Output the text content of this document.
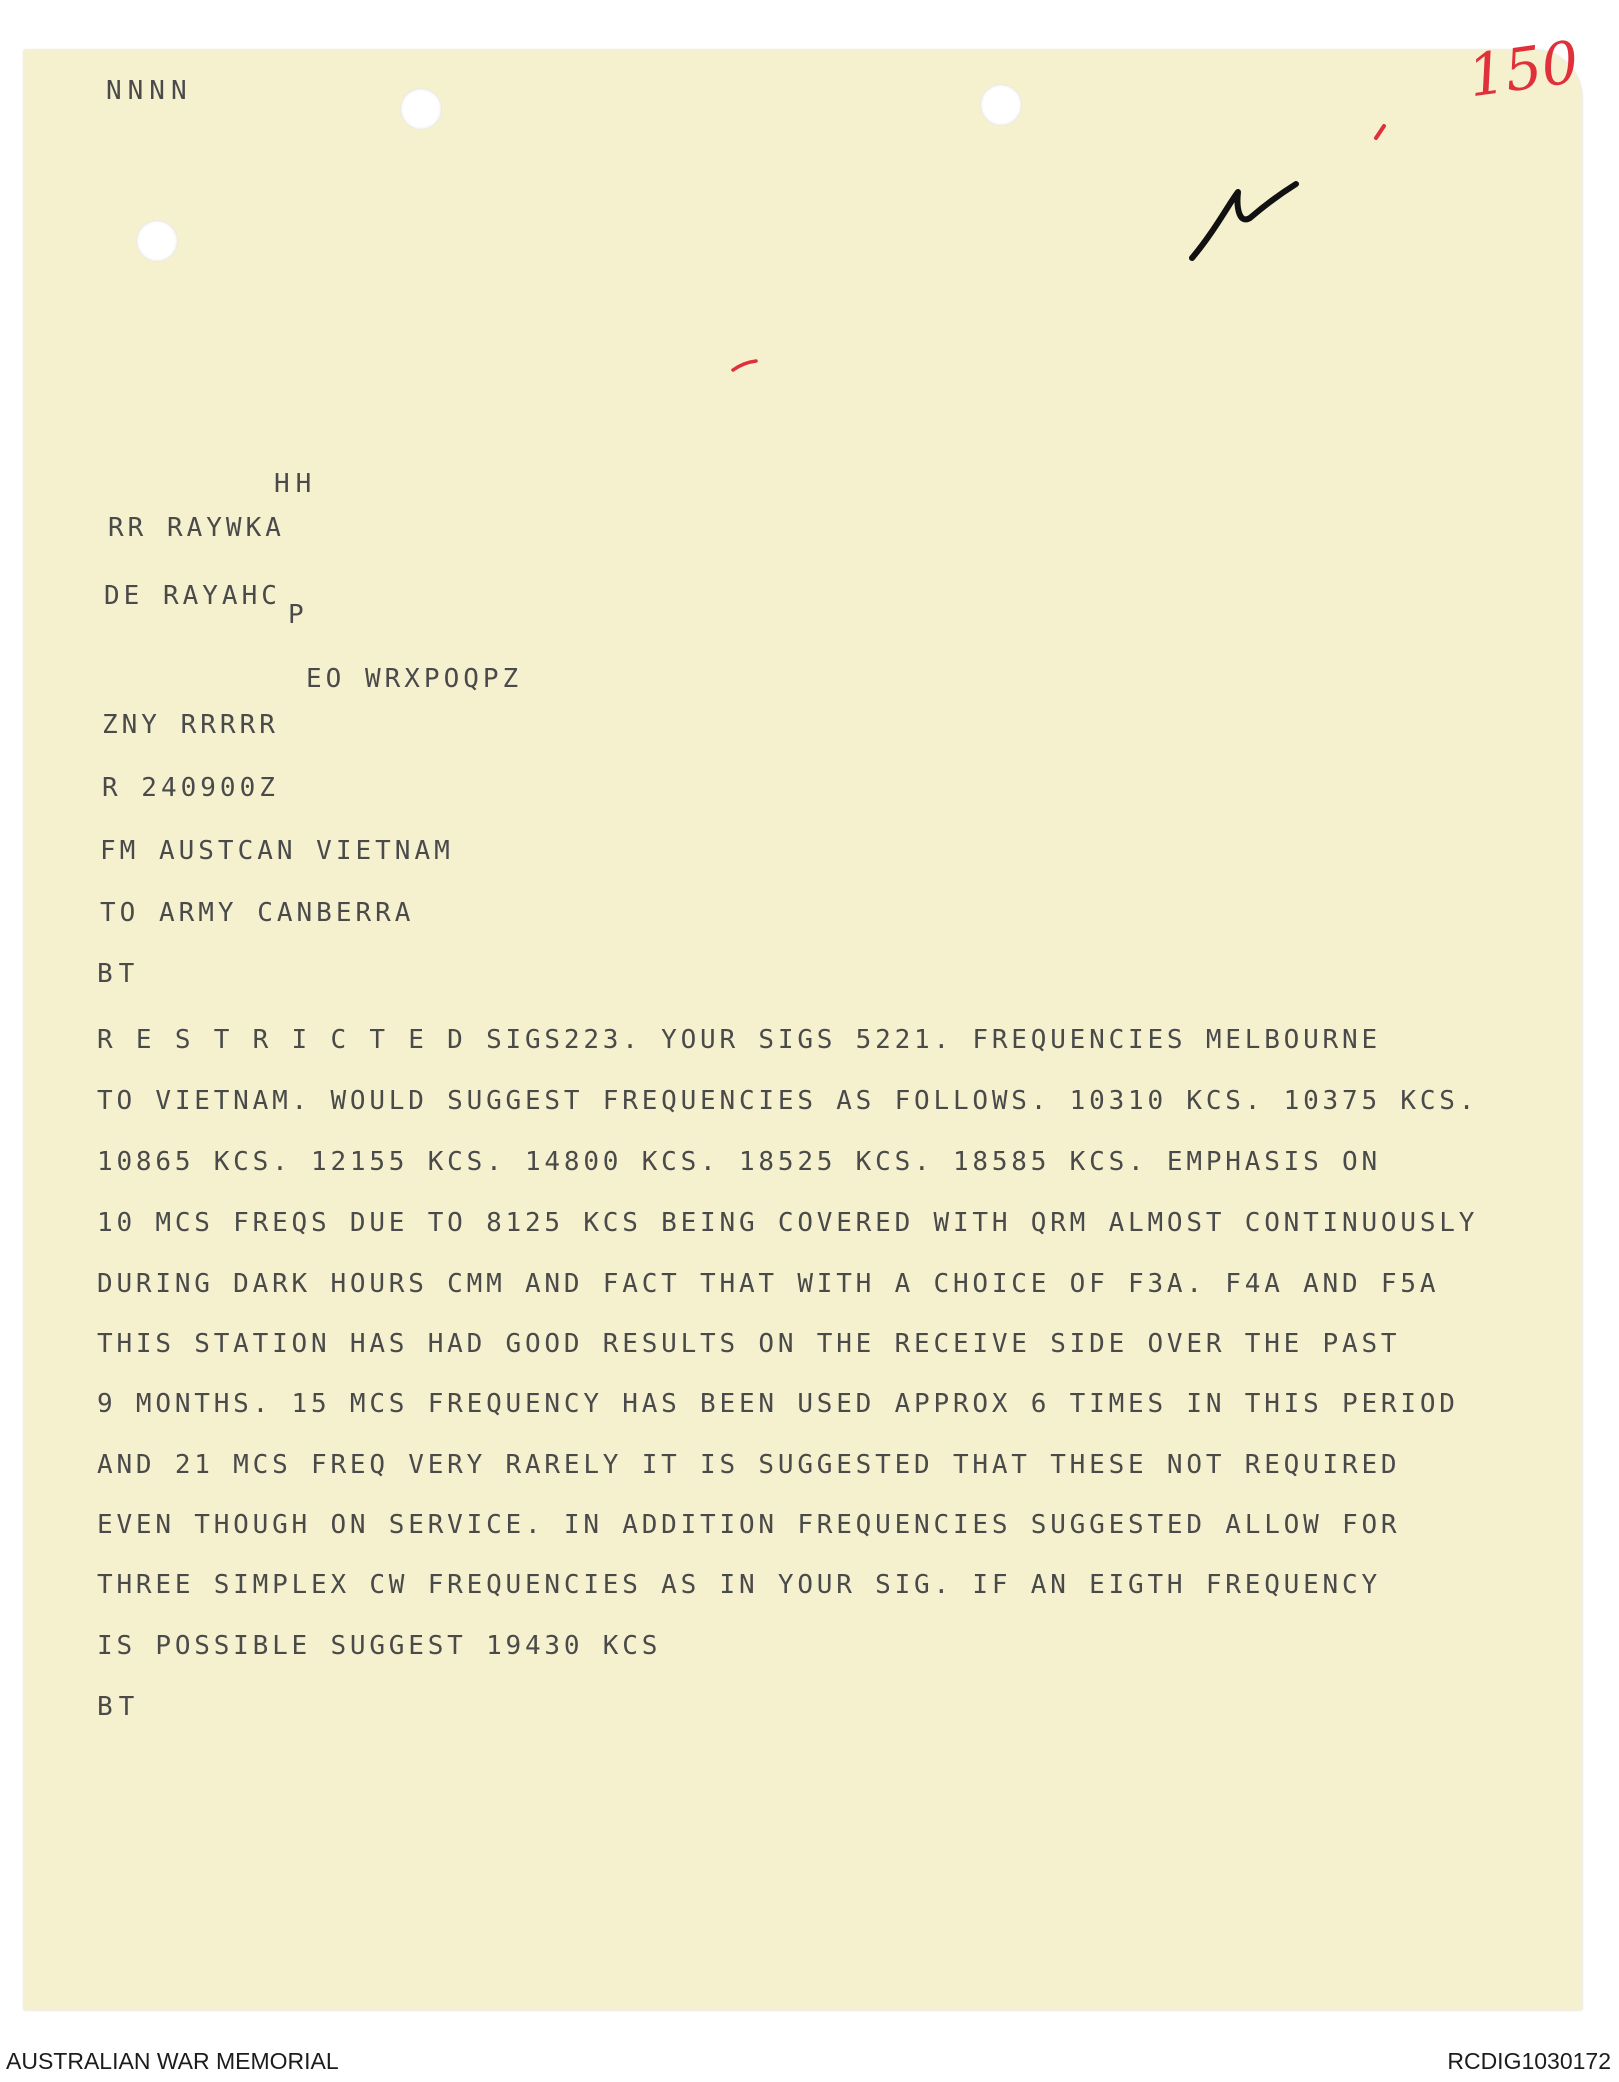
150
NNNN
HH
RR RAYWKA
DE RAYAHC
P
EO WRXPOQPZ
ZNY RRRRR
R 240900Z
FM AUSTCAN VIETNAM
TO ARMY CANBERRA
BT
R E S T R I C T E D SIGS223. YOUR SIGS 5221. FREQUENCIES MELBOURNE
TO VIETNAM. WOULD SUGGEST FREQUENCIES AS FOLLOWS. 10310 KCS. 10375 KCS.
10865 KCS. 12155 KCS. 14800 KCS. 18525 KCS. 18585 KCS. EMPHASIS ON
10 MCS FREQS DUE TO 8125 KCS BEING COVERED WITH QRM ALMOST CONTINUOUSLY
DURING DARK HOURS CMM AND FACT THAT WITH A CHOICE OF F3A. F4A AND F5A
THIS STATION HAS HAD GOOD RESULTS ON THE RECEIVE SIDE OVER THE PAST
9 MONTHS. 15 MCS FREQUENCY HAS BEEN USED APPROX 6 TIMES IN THIS PERIOD
AND 21 MCS FREQ VERY RARELY IT IS SUGGESTED THAT THESE NOT REQUIRED
EVEN THOUGH ON SERVICE. IN ADDITION FREQUENCIES SUGGESTED ALLOW FOR
THREE SIMPLEX CW FREQUENCIES AS IN YOUR SIG. IF AN EIGTH FREQUENCY
IS POSSIBLE SUGGEST 19430 KCS
BT
AUSTRALIAN WAR MEMORIAL	RCDIG1030172
